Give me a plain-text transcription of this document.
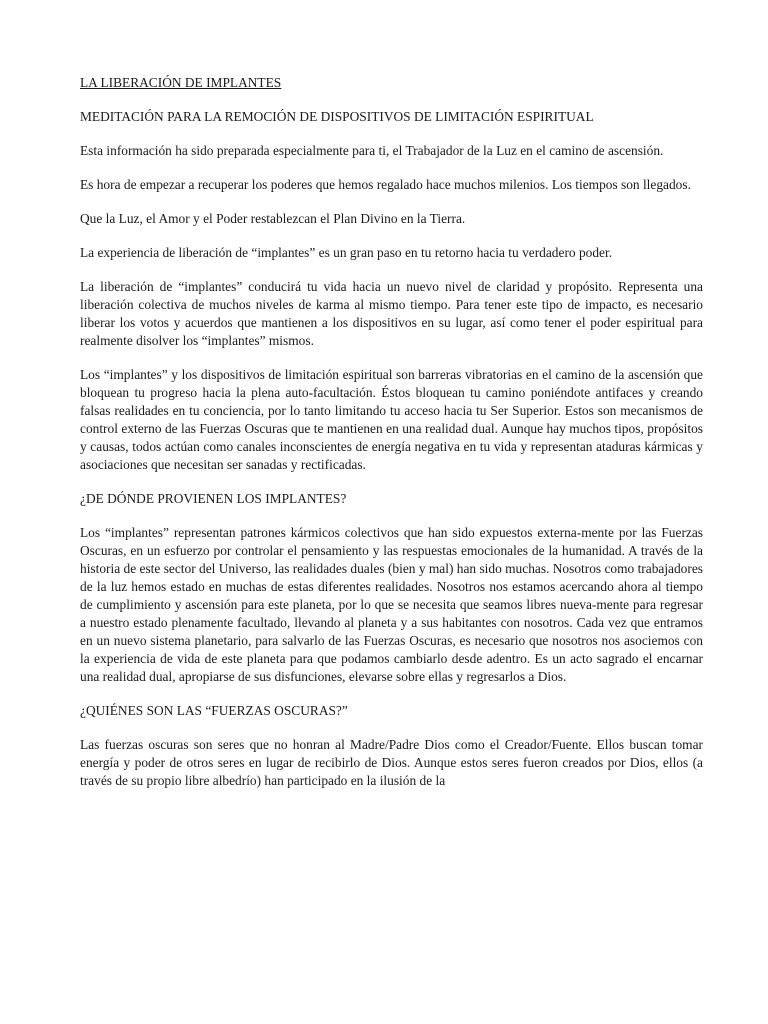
LA LIBERACIÓN DE IMPLANTES

MEDITACIÓN PARA LA REMOCIÓN DE DISPOSITIVOS DE LIMITACIÓN ESPIRITUAL

Esta información ha sido preparada especialmente para ti, el Trabajador de la Luz en el camino de ascensión.

Es hora de empezar a recuperar los poderes que hemos regalado hace muchos milenios. Los tiempos son llegados.

Que la Luz, el Amor y el Poder restablezcan el Plan Divino en la Tierra.

La experiencia de liberación de “implantes” es un gran paso en tu retorno hacia tu verdadero poder.

La liberación de “implantes” conducirá tu vida hacia un nuevo nivel de claridad y propósito. Representa una liberación colectiva de muchos niveles de karma al mismo tiempo. Para tener este tipo de impacto, es necesario liberar los votos y acuerdos que mantienen a los dispositivos en su lugar, así como tener el poder espiritual para realmente disolver los “implantes” mismos.

Los “implantes” y los dispositivos de limitación espiritual son barreras vibratorias en el camino de la ascensión que bloquean tu progreso hacia la plena auto-facultación. Éstos bloquean tu camino poniéndote antifaces y creando falsas realidades en tu conciencia, por lo tanto limitando tu acceso hacia tu Ser Superior. Estos son mecanismos de control externo de las Fuerzas Oscuras que te mantienen en una realidad dual. Aunque hay muchos tipos, propósitos y causas, todos actúan como canales inconscientes de energía negativa en tu vida y representan ataduras kármicas y asociaciones que necesitan ser sanadas y rectificadas.

¿DE DÓNDE PROVIENEN LOS IMPLANTES?

Los “implantes” representan patrones kármicos colectivos que han sido expuestos externa-mente por las Fuerzas Oscuras, en un esfuerzo por controlar el pensamiento y las respuestas emocionales de la humanidad. A través de la historia de este sector del Universo, las realidades duales (bien y mal) han sido muchas. Nosotros como trabajadores de la luz hemos estado en muchas de estas diferentes realidades. Nosotros nos estamos acercando ahora al tiempo de cumplimiento y ascensión para este planeta, por lo que se necesita que seamos libres nueva-mente para regresar a nuestro estado plenamente facultado, llevando al planeta y a sus habitantes con nosotros. Cada vez que entramos en un nuevo sistema planetario, para salvarlo de las Fuerzas Oscuras, es necesario que nosotros nos asociemos con la experiencia de vida de este planeta para que podamos cambiarlo desde adentro. Es un acto sagrado el encarnar una realidad dual, apropiarse de sus disfunciones, elevarse sobre ellas y regresarlos a Dios.

¿QUIÉNES SON LAS “FUERZAS OSCURAS?”

Las fuerzas oscuras son seres que no honran al Madre/Padre Dios como el Creador/Fuente. Ellos buscan tomar energía y poder de otros seres en lugar de recibirlo de Dios. Aunque estos seres fueron creados por Dios, ellos (a través de su propio libre albedrío) han participado en la ilusión de la
